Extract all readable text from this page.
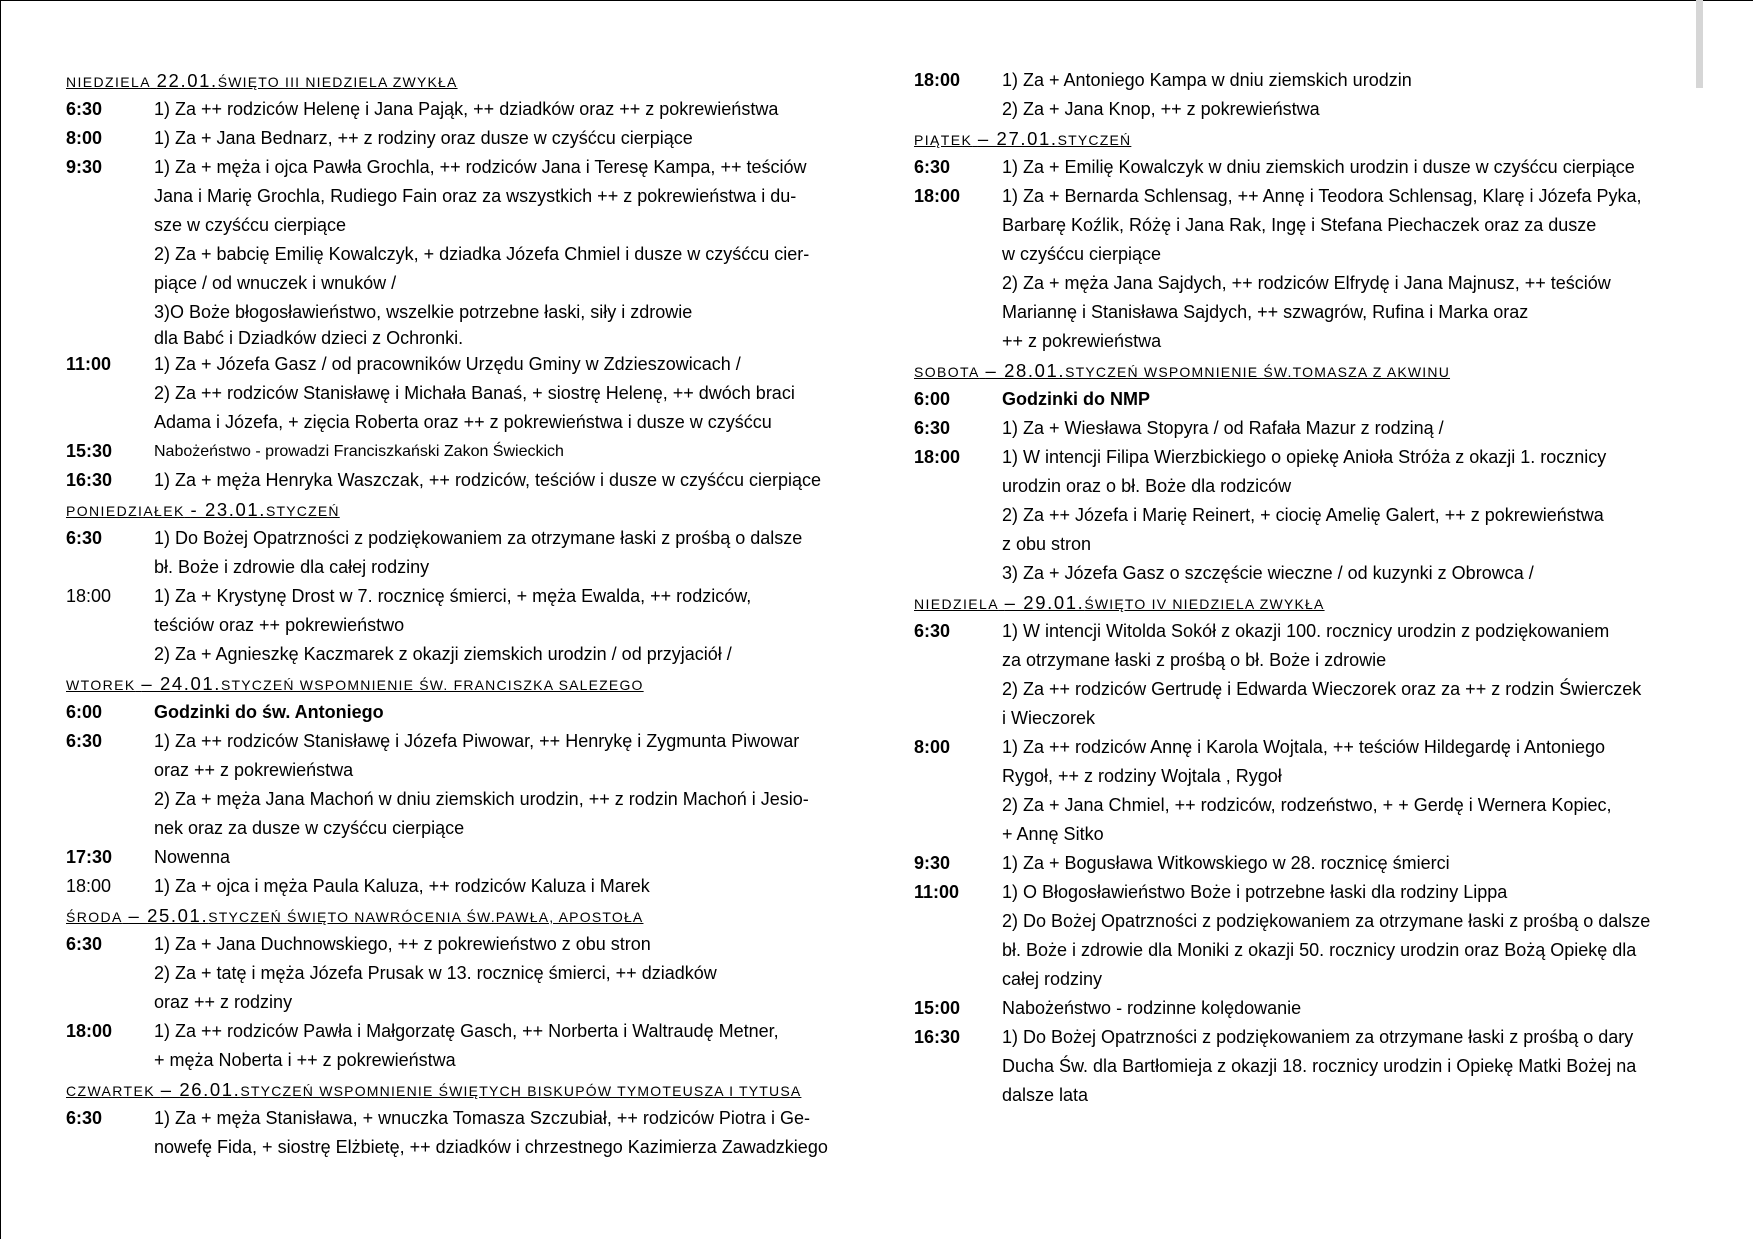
NIEDZIELA 22.01.ŚWIĘTO III NIEDZIELA ZWYKŁA
6:30	1) Za ++ rodziców Helenę i Jana Pająk, ++ dziadków oraz ++ z pokrewieństwa
8:00	1) Za + Jana Bednarz, ++ z rodziny oraz dusze w czyśćcu cierpiące
9:30	1) Za + męża i ojca Pawła Grochla, ++ rodziców Jana i Teresę Kampa, ++ teściów
Jana i Marię Grochla, Rudiego Fain oraz za wszystkich ++ z pokrewieństwa i du-
sze w czyśćcu cierpiące
2) Za + babcię Emilię Kowalczyk, + dziadka Józefa Chmiel i dusze w czyśćcu cier-
piące / od wnuczek i wnuków /
3)O Boże błogosławieństwo, wszelkie potrzebne łaski, siły i zdrowie
dla Babć i Dziadków dzieci z Ochronki.
11:00	1) Za + Józefa Gasz / od pracowników Urzędu Gminy w Zdzieszowicach /
2) Za ++ rodziców Stanisławę i Michała Banaś, + siostrę Helenę, ++ dwóch braci
Adama i Józefa, + zięcia Roberta oraz ++ z pokrewieństwa i dusze w czyśćcu
15:30	Nabożeństwo - prowadzi Franciszkański Zakon Świeckich
16:30	1) Za + męża Henryka Waszczak, ++ rodziców, teściów i dusze w czyśćcu cierpiące
PONIEDZIAŁEK - 23.01.STYCZEŃ
6:30	1) Do Bożej Opatrzności z podziękowaniem za otrzymane łaski z prośbą o dalsze
bł. Boże i zdrowie dla całej rodziny
18:00	1) Za + Krystynę Drost w 7. rocznicę śmierci, + męża Ewalda, ++ rodziców,
teściów oraz ++ pokrewieństwo
2) Za + Agnieszkę Kaczmarek z okazji ziemskich urodzin / od przyjaciół /
WTOREK – 24.01.STYCZEŃ WSPOMNIENIE ŚW. FRANCISZKA SALEZEGO
6:00	Godzinki do św. Antoniego
6:30	1) Za ++ rodziców Stanisławę i Józefa Piwowar, ++ Henrykę i Zygmunta Piwowar
oraz ++ z pokrewieństwa
2) Za + męża Jana Machoń w dniu ziemskich urodzin, ++ z rodzin Machoń i Jesio-
nek oraz za dusze w czyśćcu cierpiące
17:30	Nowenna
18:00	1) Za + ojca i męża Paula Kaluza, ++ rodziców Kaluza i Marek
ŚRODA – 25.01.STYCZEŃ ŚWIĘTO NAWRÓCENIA ŚW.PAWŁA, APOSTOŁA
6:30	1) Za + Jana Duchnowskiego, ++ z pokrewieństwo z obu stron
2) Za + tatę i męża Józefa Prusak w 13. rocznicę śmierci, ++ dziadków
oraz ++ z rodziny
18:00	1) Za ++ rodziców Pawła i Małgorzatę Gasch, ++ Norberta i Waltraudę Metner,
+ męża Noberta i ++ z pokrewieństwa
CZWARTEK – 26.01.STYCZEŃ WSPOMNIENIE ŚWIĘTYCH BISKUPÓW TYMOTEUSZA I TYTUSA
6:30	1) Za + męża Stanisława, + wnuczka Tomasza Szczubiał, ++ rodziców Piotra i Ge-
nowefę Fida, + siostrę Elżbietę, ++ dziadków i chrzestnego Kazimierza Zawadzkiego
18:00	1) Za + Antoniego Kampa w dniu ziemskich urodzin
2) Za + Jana Knop, ++ z pokrewieństwa
PIĄTEK – 27.01.STYCZEŃ
6:30	1) Za + Emilię Kowalczyk w dniu ziemskich urodzin i dusze w czyśćcu cierpiące
18:00	1) Za + Bernarda Schlensag, ++ Annę i Teodora Schlensag, Klarę i Józefa Pyka,
Barbarę Koźlik, Różę i Jana Rak, Ingę i Stefana Piechaczek oraz za dusze
w czyśćcu cierpiące
2) Za + męża Jana Sajdych, ++ rodziców Elfrydę i Jana Majnusz, ++ teściów
Mariannę i Stanisława Sajdych, ++ szwagrów, Rufina i Marka oraz
++ z pokrewieństwa
SOBOTA – 28.01.STYCZEŃ WSPOMNIENIE ŚW.TOMASZA Z AKWINU
6:00	Godzinki do NMP
6:30	1) Za + Wiesława Stopyra / od Rafała Mazur z rodziną /
18:00	1) W intencji Filipa Wierzbickiego o opiekę Anioła Stróża z okazji 1. rocznicy
urodzin oraz o bł. Boże dla rodziców
2) Za ++ Józefa i Marię Reinert, + ciocię Amelię Galert, ++ z pokrewieństwa
z obu stron
3) Za + Józefa Gasz o szczęście wieczne / od kuzynki z Obrowca /
NIEDZIELA – 29.01.ŚWIĘTO IV NIEDZIELA ZWYKŁA
6:30	1) W intencji Witolda Sokół z okazji 100. rocznicy urodzin z podziękowaniem
za otrzymane łaski z prośbą o bł. Boże i zdrowie
2) Za ++ rodziców Gertrudę i Edwarda Wieczorek oraz za ++ z rodzin Świerczek
i Wieczorek
8:00	1) Za ++ rodziców Annę i Karola Wojtala, ++ teściów Hildegardę i Antoniego
Rygoł, ++ z rodziny Wojtala , Rygoł
2) Za + Jana Chmiel, ++ rodziców, rodzeństwo, + + Gerdę i Wernera Kopiec,
+ Annę Sitko
9:30	1) Za + Bogusława Witkowskiego w 28. rocznicę śmierci
11:00	1) O Błogosławieństwo Boże i potrzebne łaski dla rodziny Lippa
2) Do Bożej Opatrzności z podziękowaniem za otrzymane łaski z prośbą o dalsze
bł. Boże i zdrowie dla Moniki z okazji 50. rocznicy urodzin oraz Bożą Opiekę dla
całej rodziny
15:00	Nabożeństwo - rodzinne kolędowanie
16:30	1) Do Bożej Opatrzności z podziękowaniem za otrzymane łaski z prośbą o dary
Ducha Św. dla Bartłomieja z okazji 18. rocznicy urodzin i Opiekę Matki Bożej na
dalsze lata
